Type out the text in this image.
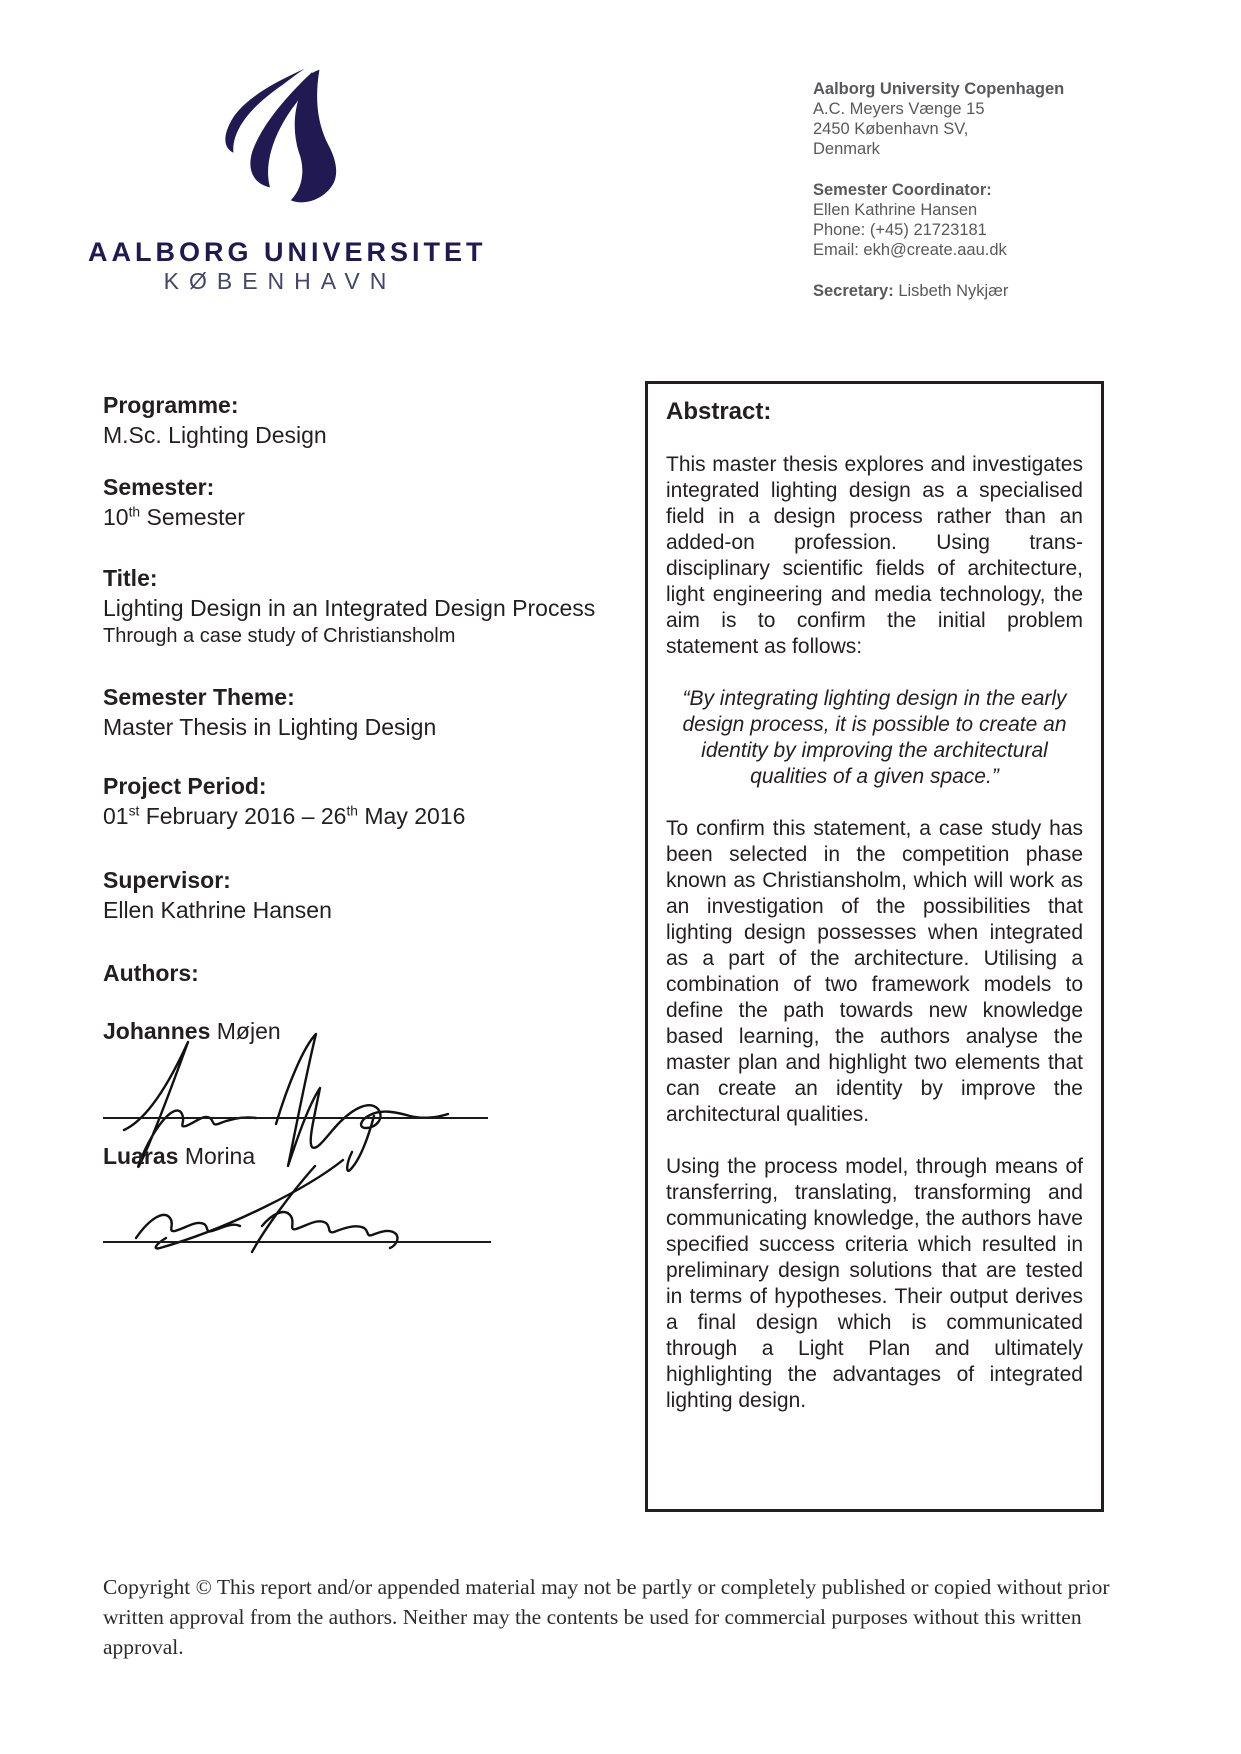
AALBORG UNIVERSITET
KØBENHAVN
Aalborg University Copenhagen
A.C. Meyers Vænge 15
2450 København SV,
Denmark
Semester Coordinator:
Ellen Kathrine Hansen
Phone: (+45) 21723181
Email: ekh@create.aau.dk
Secretary: Lisbeth Nykjær
Programme:
M.Sc. Lighting Design
Semester:
10th Semester
Title:
Lighting Design in an Integrated Design Process
Through a case study of Christiansholm
Semester Theme:
Master Thesis in Lighting Design
Project Period:
01st February 2016 – 26th May 2016
Supervisor:
Ellen Kathrine Hansen
Authors:
Johannes Møjen
Luaras Morina
Abstract:
This master thesis explores and investigates integrated lighting design as a specialised field in a design process rather than an added-on profession. Using trans-disciplinary scientific fields of architecture, light engineering and media technology, the aim is to confirm the initial problem statement as follows:
“By integrating lighting design in the early design process, it is possible to create an identity by improving the architectural qualities of a given space.”
To confirm this statement, a case study has been selected in the competition phase known as Christiansholm, which will work as an investigation of the possibilities that lighting design possesses when integrated as a part of the architecture. Utilising a combination of two framework models to define the path towards new knowledge based learning, the authors analyse the master plan and highlight two elements that can create an identity by improve the architectural qualities.
Using the process model, through means of transferring, translating, transforming and communicating knowledge, the authors have specified success criteria which resulted in preliminary design solutions that are tested in terms of hypotheses. Their output derives a final design which is communicated through a Light Plan and ultimately highlighting the advantages of integrated lighting design.
Copyright © This report and/or appended material may not be partly or completely published or copied without prior written approval from the authors. Neither may the contents be used for commercial purposes without this written approval.
